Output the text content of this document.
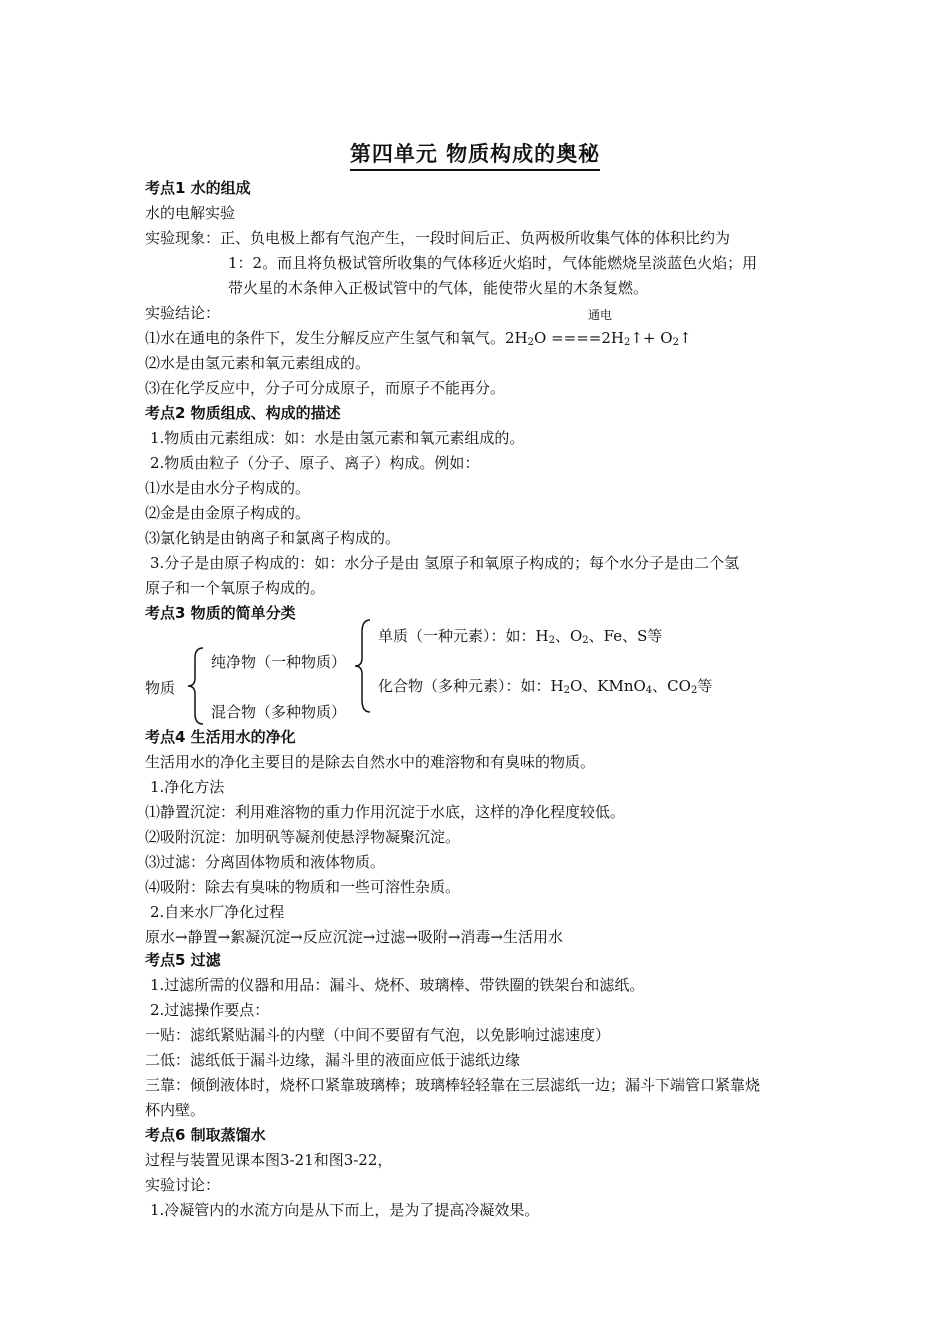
第四单元 物质构成的奥秘
考点1 水的组成
水的电解实验
实验现象：正、负电极上都有气泡产生，一段时间后正、负两极所收集气体的体积比约为
1：2。而且将负极试管所收集的气体移近火焰时，气体能燃烧呈淡蓝色火焰；用
带火星的木条伸入正极试管中的气体，能使带火星的木条复燃。
实验结论：	通电
⑴水在通电的条件下，发生分解反应产生氢气和氧气。$2H_2O$ $====2H_2↑+$ $O_2↑$
⑵水是由氢元素和氧元素组成的。
⑶在化学反应中，分子可分成原子，而原子不能再分。
考点2 物质组成、构成的描述
1.物质由元素组成：如：水是由氢元素和氧元素组成的。
2.物质由粒子（分子、原子、离子）构成。例如：
⑴水是由水分子构成的。
⑵金是由金原子构成的。
⑶氯化钠是由钠离子和氯离子构成的。
3.分子是由原子构成的：如：水分子是由 氢原子和氧原子构成的；每个水分子是由二个氢
原子和一个氧原子构成的。
考点3 物质的简单分类
物质
纯净物（一种物质）
混合物（多种物质）
单质（一种元素）：如：$H_2$、$O_2$、Fe、S等
化合物（多种元素）：如：$H_2O$、KMnO$_4$、$CO_2$等
考点4 生活用水的净化
生活用水的净化主要目的是除去自然水中的难溶物和有臭味的物质。
1.净化方法
⑴静置沉淀：利用难溶物的重力作用沉淀于水底，这样的净化程度较低。
⑵吸附沉淀：加明矾等凝剂使悬浮物凝聚沉淀。
⑶过滤：分离固体物质和液体物质。
⑷吸附：除去有臭味的物质和一些可溶性杂质。
2.自来水厂净化过程
原水→静置→絮凝沉淀→反应沉淀→过滤→吸附→消毒→生活用水
考点5 过滤
1.过滤所需的仪器和用品：漏斗、烧杯、玻璃棒、带铁圈的铁架台和滤纸。
2.过滤操作要点：
一贴：滤纸紧贴漏斗的内壁（中间不要留有气泡，以免影响过滤速度）
二低：滤纸低于漏斗边缘，漏斗里的液面应低于滤纸边缘
三靠：倾倒液体时，烧杯口紧靠玻璃棒；玻璃棒轻轻靠在三层滤纸一边；漏斗下端管口紧靠烧
杯内壁。
考点6 制取蒸馏水
过程与装置见课本图3-21和图3-22，
实验讨论：
1.冷凝管内的水流方向是从下而上，是为了提高冷凝效果。
